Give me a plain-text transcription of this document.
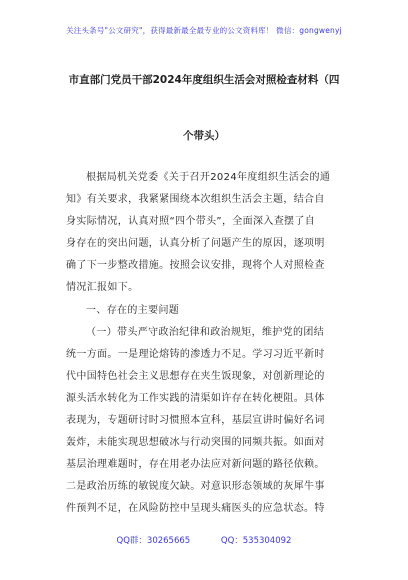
关注头条号"公文研究"，获得最新最全最专业的公文资料库！ 微信：gongwenyj
市直部门党员干部2024年度组织生活会对照检查材料（四
个带头）
根据局机关党委《关于召开2024年度组织生活会的通
知》有关要求，我紧紧围绕本次组织生活会主题，结合自
身实际情况，认真对照“四个带头”，全面深入查摆了自
身存在的突出问题，认真分析了问题产生的原因，逐项明
确了下一步整改措施。按照会议安排，现将个人对照检查
情况汇报如下。
一、存在的主要问题
（一）带头严守政治纪律和政治规矩，维护党的团结
统一方面。一是理论熔铸的渗透力不足。学习习近平新时
代中国特色社会主义思想存在夹生饭现象，对创新理论的
源头活水转化为工作实践的清渠如许存在转化梗阻。具体
表现为，专题研讨时习惯照本宣科，基层宣讲时偏好名词
轰炸，未能实现思想破冰与行动突围的同频共振。如面对
基层治理难题时，存在用老办法应对新问题的路径依赖。
二是政治历练的敏锐度欠缺。对意识形态领域的灰犀牛事
件预判不足，在风险防控中呈现头痛医头的应急状态。特
QQ群：30265665	QQ：535304092
